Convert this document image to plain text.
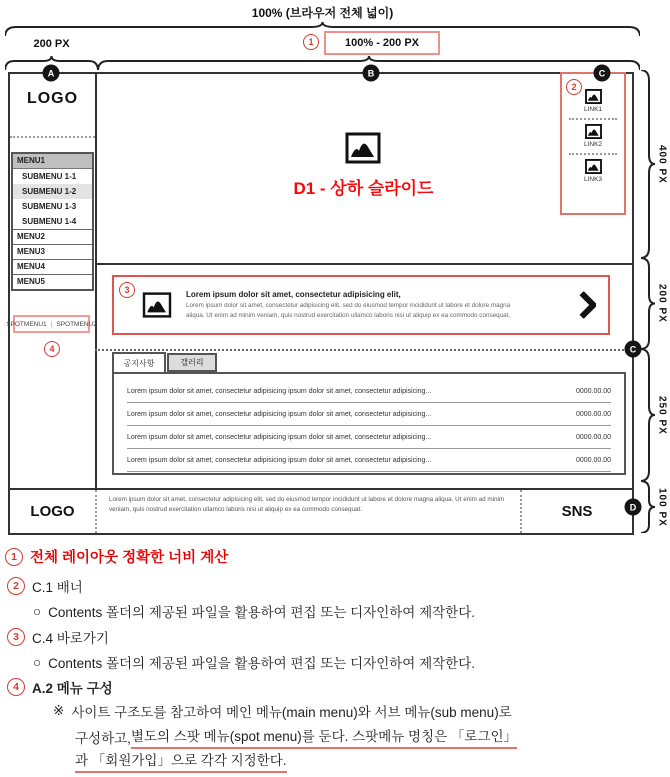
100% (브라우저 전체 넓이)
200 PX	1	100% - 200 PX
LOGO
MENU1
SUBMENU 1-1
SUBMENU 1-2
SUBMENU 1-3
SUBMENU 1-4
MENU2
MENU3
MENU4
MENU5
SPOTMENU1 | SPOTMENU2
4
D1 - 상하 슬라이드
2
LINK1
LINK2
LINK3
3	Lorem ipsum dolor sit amet, consectetur adipisicing elit,
Lorem ipsum dolor sit amet, consectetur adipisicing elit, sed do eiusmod tempor incididunt ut labore et dolore magna aliqua. Ut enim ad minim veniam, quis nostrud exercitation ullamco laboris nisi ut aliquip ex ea commodo consequat.
공지사항	갤러리
Lorem ipsum dolor sit amet, consectetur adipisicing ipsum dolor sit amet, consectetur adipisicing...	0000.00.00
Lorem ipsum dolor sit amet, consectetur adipisicing ipsum dolor sit amet, consectetur adipisicing...	0000.00.00
Lorem ipsum dolor sit amet, consectetur adipisicing ipsum dolor sit amet, consectetur adipisicing...	0000.00.00
Lorem ipsum dolor sit amet, consectetur adipisicing ipsum dolor sit amet, consectetur adipisicing...	0000.00.00
LOGO
Lorem ipsum dolor sit amet, consectetur adipisicing elit, sed do eiusmod tempor incididunt ut labore et dolore magna aliqua. Ut enim ad minim veniam, quis nostrud exercitation ullamco laboris nisi ut aliquip ex ea commodo consequat.	SNS
A	B	C
C
D
400 PX
200 PX
250 PX
100 PX
1 전체 레이아웃 정확한 너비 계산
2 C.1 배너
○ Contents 폴더의 제공된 파일을 활용하여 편집 또는 디자인하여 제작한다.
3 C.4 바로가기
○ Contents 폴더의 제공된 파일을 활용하여 편집 또는 디자인하여 제작한다.
4 A.2 메뉴 구성
※ 사이트 구조도를 참고하여 메인 메뉴(main menu)와 서브 메뉴(sub menu)로
구성하고, 별도의 스팟 메뉴(spot menu)를 둔다. 스팟메뉴 명칭은 「로그인」
과 「회원가입」으로 각각 지정한다.
